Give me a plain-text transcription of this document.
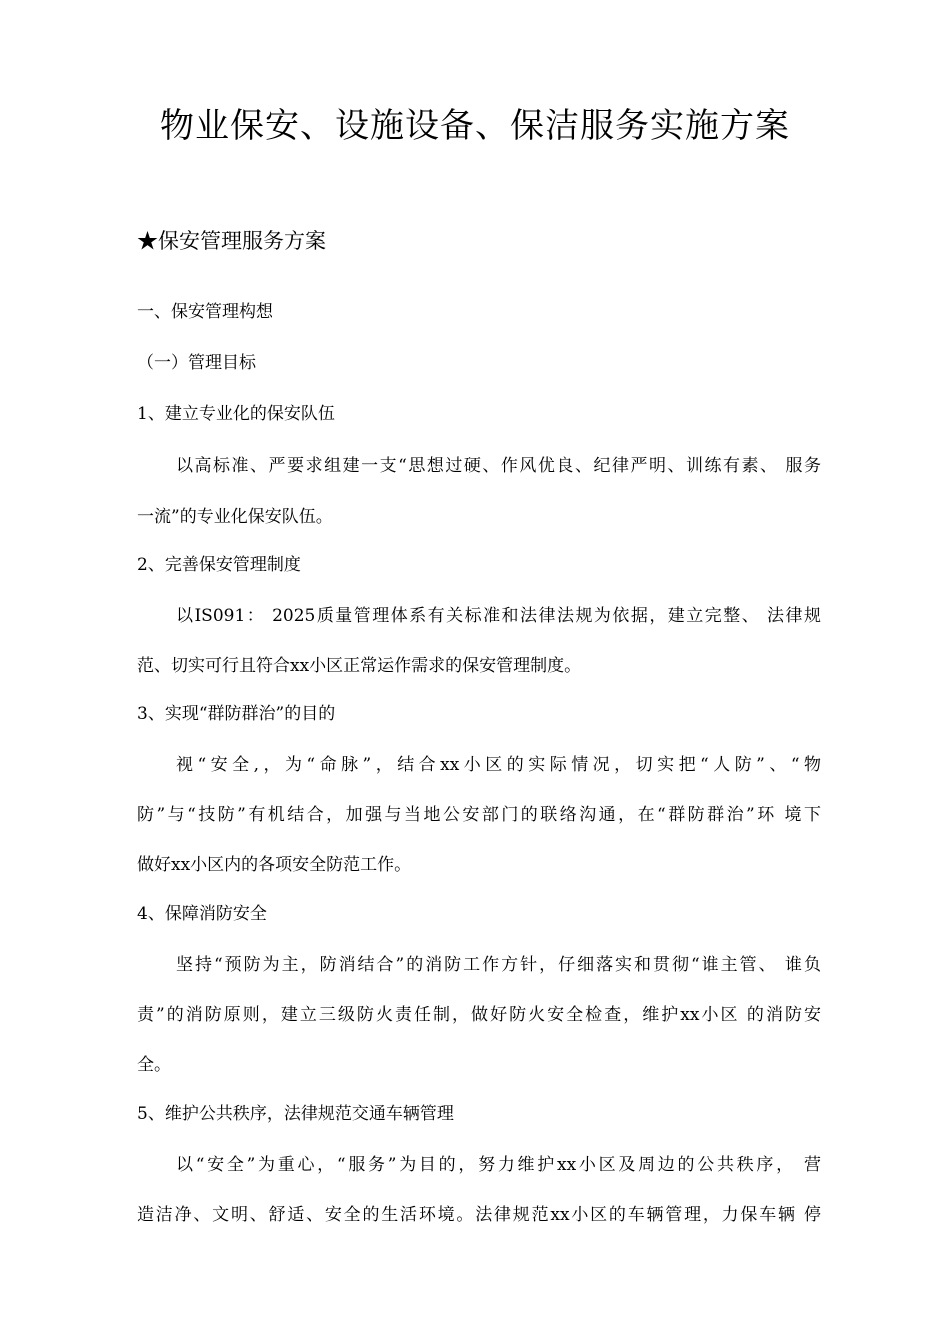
物业保安、设施设备、保洁服务实施方案
★保安管理服务方案
一、保安管理构想
（一）管理目标
1、建立专业化的保安队伍
以高标准、严要求组建一支“思想过硬、作风优良、纪律严明、训练有素、 服务
一流”的专业化保安队伍。
2、完善保安管理制度
以IS091： 2025质量管理体系有关标准和法律法规为依据，建立完整、 法律规
范、切实可行且符合xx小区正常运作需求的保安管理制度。
3、实现“群防群治”的目的
视“安全,，为“命脉”，结合xx小区的实际情况，切实把“人防”、“物
防”与“技防”有机结合，加强与当地公安部门的联络沟通，在“群防群治”环 境下
做好xx小区内的各项安全防范工作。
4、保障消防安全
坚持“预防为主，防消结合”的消防工作方针，仔细落实和贯彻“谁主管、 谁负
责”的消防原则，建立三级防火责任制，做好防火安全检查，维护xx小区 的消防安
全。
5、维护公共秩序，法律规范交通车辆管理
以“安全”为重心，“服务”为目的，努力维护xx小区及周边的公共秩序， 营
造洁净、文明、舒适、安全的生活环境。法律规范xx小区的车辆管理，力保车辆 停
